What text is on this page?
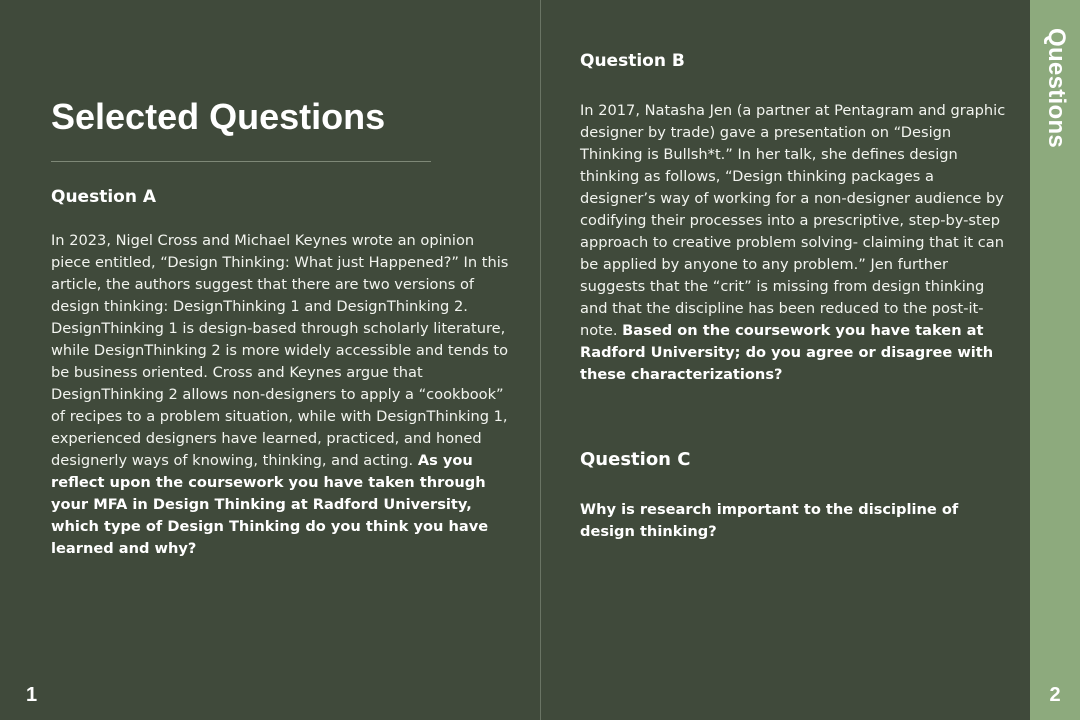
Selected Questions
Question A

In 2023, Nigel Cross and Michael Keynes wrote an opinion piece entitled, “Design Thinking: What just Happened?” In this article, the authors suggest that there are two versions of design thinking: DesignThinking 1 and DesignThinking 2. DesignThinking 1 is design-based through scholarly literature, while DesignThinking 2 is more widely accessible and tends to be business oriented. Cross and Keynes argue that DesignThinking 2 allows non-designers to apply a “cookbook” of recipes to a problem situation, while with DesignThinking 1, experienced designers have learned, practiced, and honed designerly ways of knowing, thinking, and acting. As you reflect upon the coursework you have taken through your MFA in Design Thinking at Radford University, which type of Design Thinking do you think you have learned and why?

1
Question B

In 2017, Natasha Jen (a partner at Pentagram and graphic designer by trade) gave a presentation on “Design Thinking is Bullsh*t.” In her talk, she defines design thinking as follows, “Design thinking packages a designer’s way of working for a non-designer audience by codifying their processes into a prescriptive, step-by-step approach to creative problem solving- claiming that it can be applied by anyone to any problem.” Jen further suggests that the “crit” is missing from design thinking and that the discipline has been reduced to the post-it-note. Based on the coursework you have taken at Radford University; do you agree or disagree with these characterizations?

Question C

Why is research important to the discipline of design thinking?

Questions
2
